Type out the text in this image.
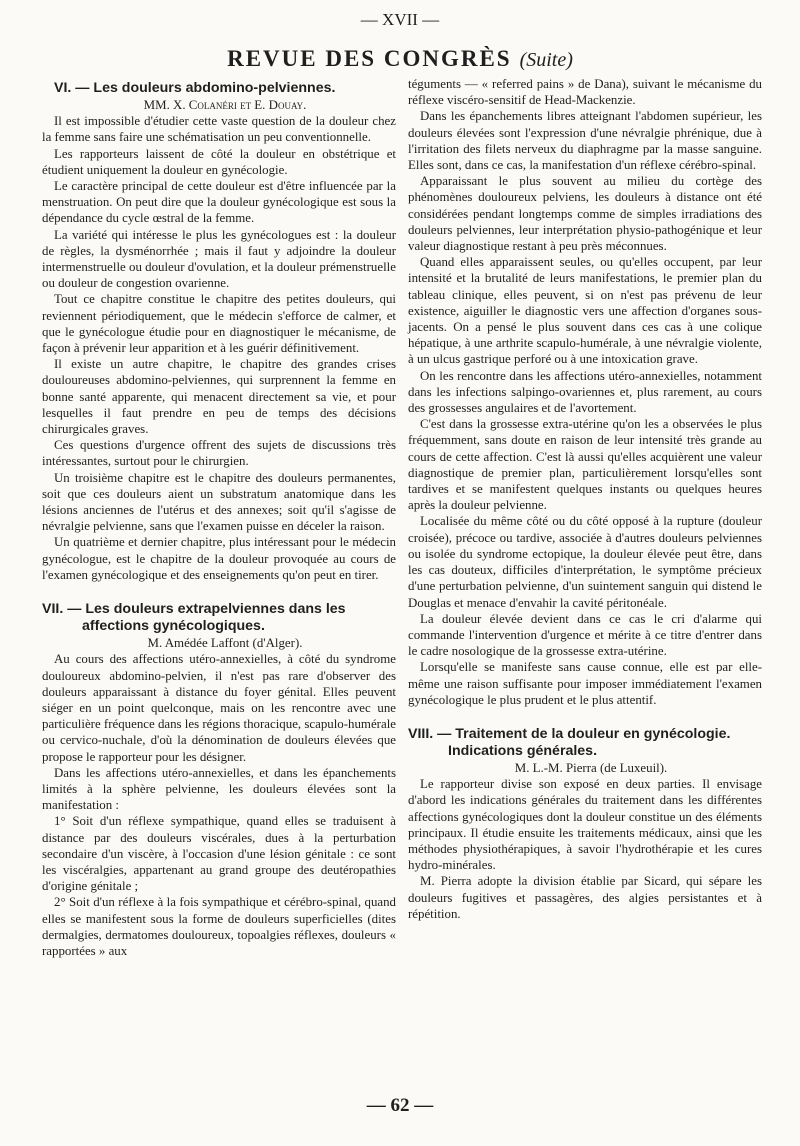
— XVII —
REVUE DES CONGRÈS (Suite)

VI. — Les douleurs abdomino-pelviennes.

MM. X. Colanéri et E. Douay.

Il est impossible d'étudier cette vaste question de la douleur chez la femme sans faire une schématisation un peu conventionnelle.

Les rapporteurs laissent de côté la douleur en obstétrique et étudient uniquement la douleur en gynécologie.

Le caractère principal de cette douleur est d'être influencée par la menstruation. On peut dire que la douleur gynécologique est sous la dépendance du cycle œstral de la femme.

La variété qui intéresse le plus les gynécologues est : la douleur de règles, la dysménorrhée ; mais il faut y adjoindre la douleur intermenstruelle ou douleur d'ovulation, et la douleur prémenstruelle ou douleur de congestion ovarienne.

Tout ce chapitre constitue le chapitre des petites douleurs, qui reviennent périodiquement, que le médecin s'efforce de calmer, et que le gynécologue étudie pour en diagnostiquer le mécanisme, de façon à prévenir leur apparition et à les guérir définitivement.

Il existe un autre chapitre, le chapitre des grandes crises douloureuses abdomino-pelviennes, qui surprennent la femme en bonne santé apparente, qui menacent directement sa vie, et pour lesquelles il faut prendre en peu de temps des décisions chirurgicales graves.

Ces questions d'urgence offrent des sujets de discussions très intéressantes, surtout pour le chirurgien.

Un troisième chapitre est le chapitre des douleurs permanentes, soit que ces douleurs aient un substratum anatomique dans les lésions anciennes de l'utérus et des annexes; soit qu'il s'agisse de névralgie pelvienne, sans que l'examen puisse en déceler la raison.

Un quatrième et dernier chapitre, plus intéressant pour le médecin gynécologue, est le chapitre de la douleur provoquée au cours de l'examen gynécologique et des enseignements qu'on peut en tirer.

VII. — Les douleurs extrapelviennes dans les affections gynécologiques.

M. Amédée Laffont (d'Alger).

Au cours des affections utéro-annexielles, à côté du syndrome douloureux abdomino-pelvien, il n'est pas rare d'observer des douleurs apparaissant à distance du foyer génital. Elles peuvent siéger en un point quelconque, mais on les rencontre avec une particulière fréquence dans les régions thoracique, scapulo-humérale ou cervico-nuchale, d'où la dénomination de douleurs élevées que propose le rapporteur pour les désigner.

Dans les affections utéro-annexielles, et dans les épanchements limités à la sphère pelvienne, les douleurs élevées sont la manifestation :

1° Soit d'un réflexe sympathique, quand elles se traduisent à distance par des douleurs viscérales, dues à la perturbation secondaire d'un viscère, à l'occasion d'une lésion génitale : ce sont les viscéralgies, appartenant au grand groupe des deutéropathies d'origine génitale ;

2° Soit d'un réflexe à la fois sympathique et cérébro-spinal, quand elles se manifestent sous la forme de douleurs superficielles (dites dermalgies, dermatomes douloureux, topoalgies réflexes, douleurs « rapportées » aux

téguments — « referred pains » de Dana), suivant le mécanisme du réflexe viscéro-sensitif de Head-Mackenzie.

Dans les épanchements libres atteignant l'abdomen supérieur, les douleurs élevées sont l'expression d'une névralgie phrénique, due à l'irritation des filets nerveux du diaphragme par la masse sanguine. Elles sont, dans ce cas, la manifestation d'un réflexe cérébro-spinal.

Apparaissant le plus souvent au milieu du cortège des phénomènes douloureux pelviens, les douleurs à distance ont été considérées pendant longtemps comme de simples irradiations des douleurs pelviennes, leur interprétation physio-pathogénique et leur valeur diagnostique restant à peu près méconnues.

Quand elles apparaissent seules, ou qu'elles occupent, par leur intensité et la brutalité de leurs manifestations, le premier plan du tableau clinique, elles peuvent, si on n'est pas prévenu de leur existence, aiguiller le diagnostic vers une affection d'organes sous-jacents. On a pensé le plus souvent dans ces cas à une colique hépatique, à une arthrite scapulo-humérale, à une névralgie violente, à un ulcus gastrique perforé ou à une intoxication grave.

On les rencontre dans les affections utéro-annexielles, notamment dans les infections salpingo-ovariennes et, plus rarement, au cours des grossesses angulaires et de l'avortement.

C'est dans la grossesse extra-utérine qu'on les a observées le plus fréquemment, sans doute en raison de leur intensité très grande au cours de cette affection. C'est là aussi qu'elles acquièrent une valeur diagnostique de premier plan, particulièrement lorsqu'elles sont tardives et se manifestent quelques instants ou quelques heures après la douleur pelvienne.

Localisée du même côté ou du côté opposé à la rupture (douleur croisée), précoce ou tardive, associée à d'autres douleurs pelviennes ou isolée du syndrome ectopique, la douleur élevée peut être, dans les cas douteux, difficiles d'interprétation, le symptôme précieux d'une perturbation pelvienne, d'un suintement sanguin qui distend le Douglas et menace d'envahir la cavité péritonéale.

La douleur élevée devient dans ce cas le cri d'alarme qui commande l'intervention d'urgence et mérite à ce titre d'entrer dans le cadre nosologique de la grossesse extra-utérine.

Lorsqu'elle se manifeste sans cause connue, elle est par elle-même une raison suffisante pour imposer immédiatement l'examen gynécologique le plus prudent et le plus attentif.

VIII. — Traitement de la douleur en gynécologie. Indications générales.

M. L.-M. Pierra (de Luxeuil).

Le rapporteur divise son exposé en deux parties. Il envisage d'abord les indications générales du traitement dans les différentes affections gynécologiques dont la douleur constitue un des éléments principaux. Il étudie ensuite les traitements médicaux, ainsi que les méthodes physiothérapiques, à savoir l'hydrothérapie et les cures hydro-minérales.

M. Pierra adopte la division établie par Sicard, qui sépare les douleurs fugitives et passagères, des algies persistantes et à répétition.

— 62 —
